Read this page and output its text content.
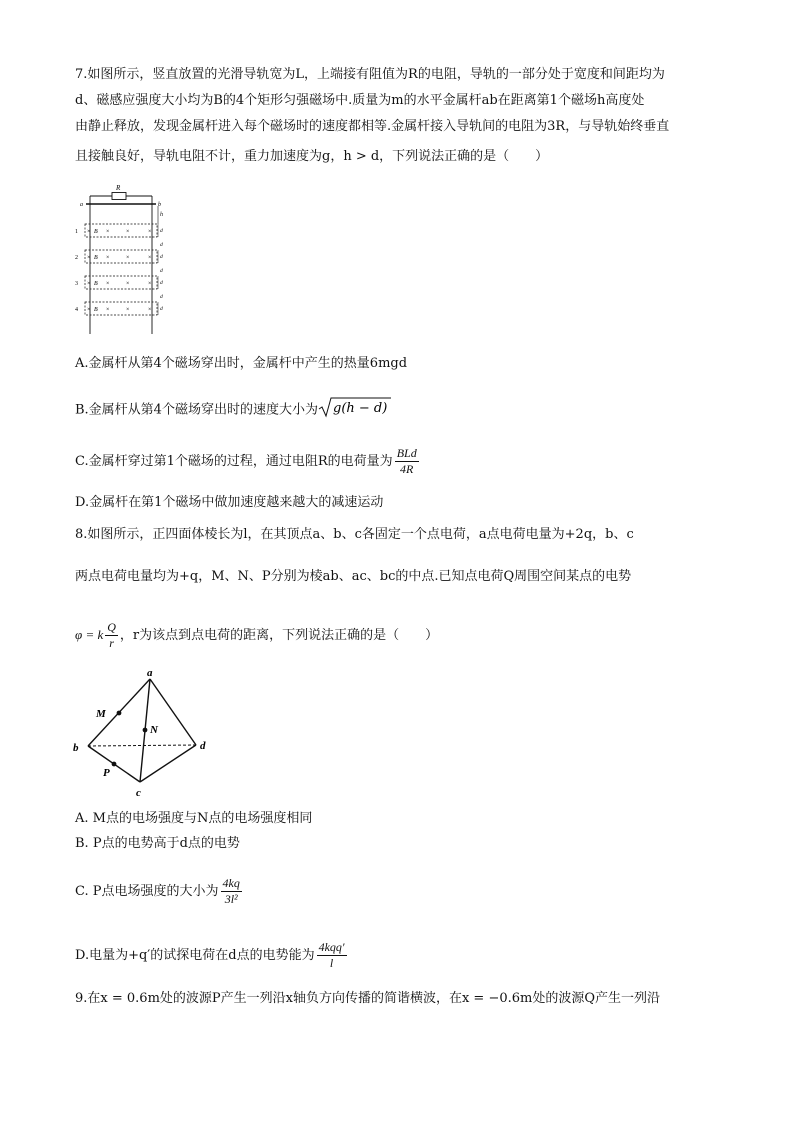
7.如图所示，竖直放置的光滑导轨宽为L，上端接有阻值为R的电阻，导轨的一部分处于宽度和间距均为
d、磁感应强度大小均为B的4个矩形匀强磁场中.质量为m的水平金属杆ab在距离第1个磁场h高度处
由静止释放，发现金属杆进入每个磁场时的速度都相等.金属杆接入导轨间的电阻为3R，与导轨始终垂直
且接触良好，导轨电阻不计，重力加速度为g，h > d，下列说法正确的是（　　）
R
a	b
h
1	B
×	×	×	× d
d
2	B
×	×	×	× d
d
3	B
×	×	×	× d
d
4	B
×	×	×	× d
A.金属杆从第4个磁场穿出时，金属杆中产生的热量6mgd
B.金属杆从第4个磁场穿出时的速度大小为 g(h − d)
C.金属杆穿过第1个磁场的过程，通过电阻R的电荷量为 $\frac{\text{BLd}}{4R}$
D.金属杆在第1个磁场中做加速度越来越大的减速运动
8.如图所示，正四面体棱长为l，在其顶点a、b、c各固定一个点电荷，a点电荷电量为+2q，b、c
两点电荷电量均为+q，M、N、P分别为棱ab、ac、bc的中点.已知点电荷Q周围空间某点的电势
φ = k $\frac{Q}{r}$ ，r为该点到点电荷的距离，下列说法正确的是（　　）
a
b
c
d
M
N
P
A. M点的电场强度与N点的电场强度相同
B. P点的电势高于d点的电势
C. P点电场强度的大小为 $\frac{4kq}{\text{3l²}}$
D.电量为+q′的试探电荷在d点的电势能为 $\frac{\text{4kqq′}}{l}$
9.在x = 0.6m处的波源P产生一列沿x轴负方向传播的简谐横波，在x = −0.6m处的波源Q产生一列沿
